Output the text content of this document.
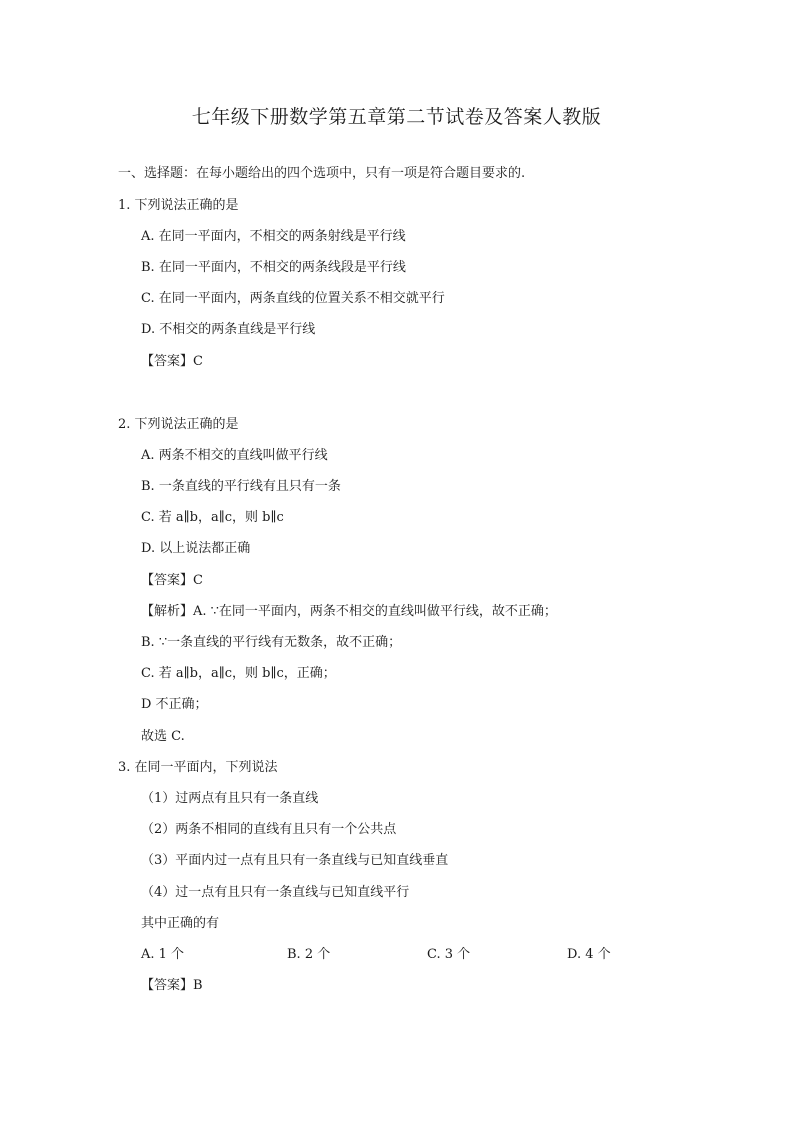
七年级下册数学第五章第二节试卷及答案人教版
一、选择题：在每小题给出的四个选项中，只有一项是符合题目要求的.
1. 下列说法正确的是
A. 在同一平面内，不相交的两条射线是平行线
B. 在同一平面内，不相交的两条线段是平行线
C. 在同一平面内，两条直线的位置关系不相交就平行
D. 不相交的两条直线是平行线
【答案】C
2. 下列说法正确的是
A. 两条不相交的直线叫做平行线
B. 一条直线的平行线有且只有一条
C. 若 a∥b，a∥c，则 b∥c
D. 以上说法都正确
【答案】C
【解析】A. ∵在同一平面内，两条不相交的直线叫做平行线，故不正确；
B. ∵一条直线的平行线有无数条，故不正确；
C. 若 a∥b，a∥c，则 b∥c，正确；
D 不正确；
故选 C.
3. 在同一平面内，下列说法
（1）过两点有且只有一条直线
（2）两条不相同的直线有且只有一个公共点
（3）平面内过一点有且只有一条直线与已知直线垂直
（4）过一点有且只有一条直线与已知直线平行
其中正确的有
A. 1 个	B. 2 个	C. 3 个	D. 4 个
【答案】B
